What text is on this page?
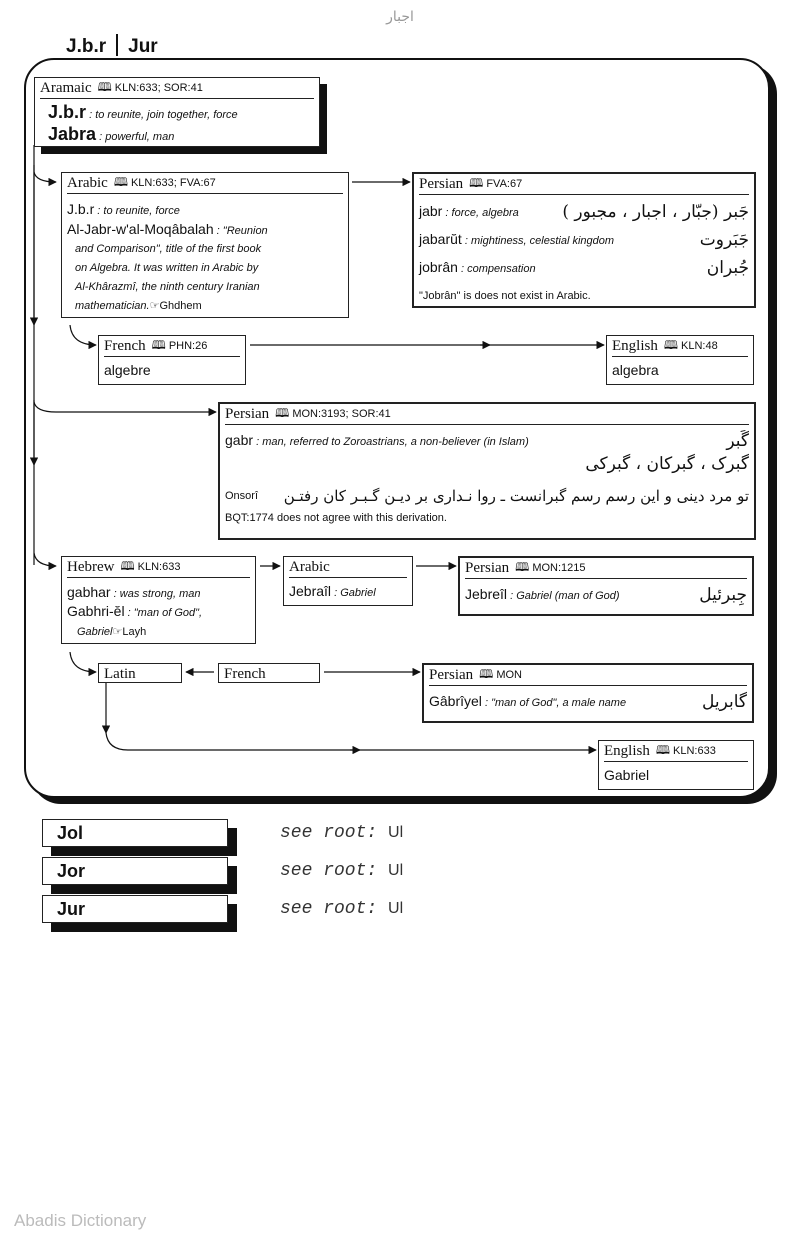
اجبار
J.b.r Jur
Aramaic 🕮 KLN:633; SOR:41
J.b.r : to reunite, join together, force
Jabra : powerful, man
Arabic 🕮 KLN:633; FVA:67
J.b.r : to reunite, force
Al-Jabr-w'al-Moqâbalah : "Reunion
and Comparison", title of the first book
on Algebra. It was written in Arabic by
Al-Khârazmî, the ninth century Iranian
mathematician.☞Ghdhem
Persian 🕮 FVA:67
jabr : force, algebra	جَبر (جبّار ، اجبار ، مجبور )
jabarŭt : mightiness, celestial kingdom	جَبَروت
jobrân : compensation	جُبران
"Jobrân" is does not exist in Arabic.
French 🕮 PHN:26
algebre
English 🕮 KLN:48
algebra
Persian 🕮 MON:3193; SOR:41
gabr : man, referred to Zoroastrians, a non-believer (in Islam)	گَبر
گبرک ، گبرکان ، گبرکی
Onsorî تو مرد دینی و این رسم رسم گبرانست ـ روا نـداری بر دیـن گـبـر کان رفتـن
BQT:1774 does not agree with this derivation.
Hebrew 🕮 KLN:633
gabhar : was strong, man
Gabhri-ĕl : "man of God",
Gabriel☞Layh
Arabic
Jebraîl : Gabriel
Persian 🕮 MON:1215
Jebreîl : Gabriel (man of God)	جِبرئیل
Latin	French	Persian 🕮 MON
Gâbrîyel : "man of God", a male name	گابریل
English 🕮 KLN:633
Gabriel
Jol	see root: Ul
Jor	see root: Ul
Jur	see root: Ul
Abadis Dictionary
